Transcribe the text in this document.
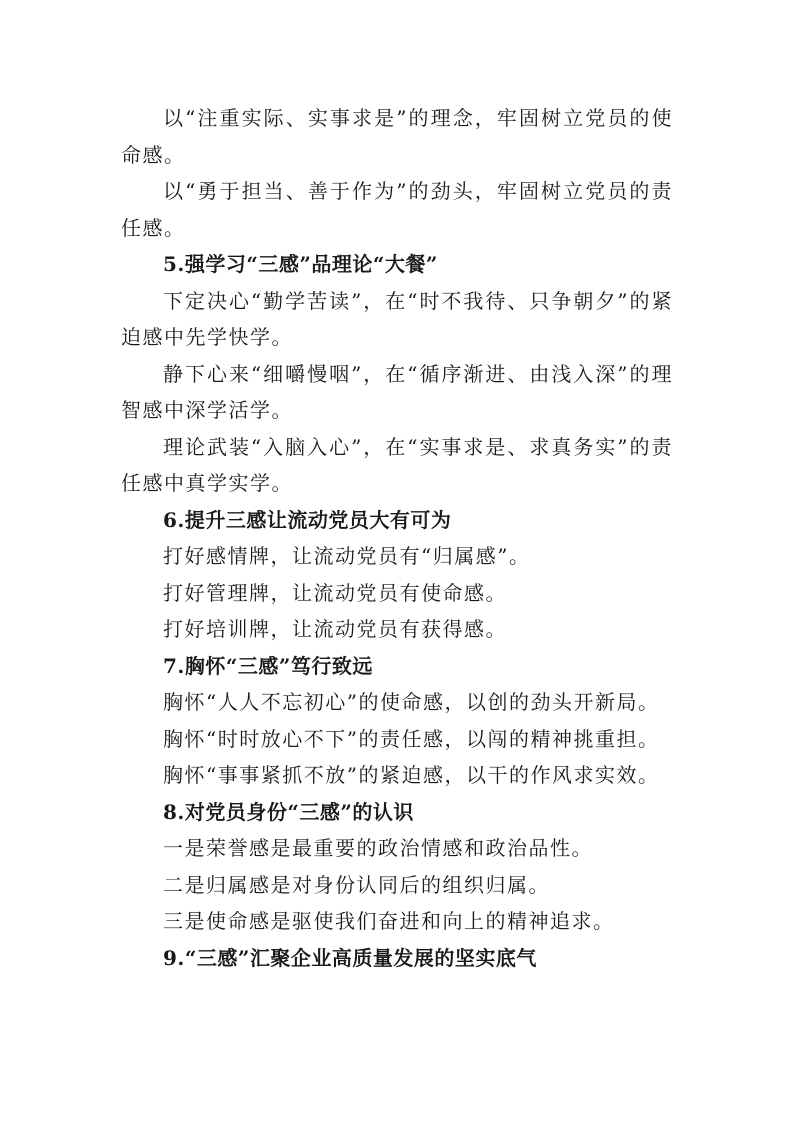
以“注重实际、实事求是”的理念，牢固树立党员的使命感。

以“勇于担当、善于作为”的劲头，牢固树立党员的责任感。

5.强学习“三感”品理论“大餐”

下定决心“勤学苦读”，在“时不我待、只争朝夕”的紧迫感中先学快学。

静下心来“细嚼慢咽”，在“循序渐进、由浅入深”的理智感中深学活学。

理论武装“入脑入心”，在“实事求是、求真务实”的责任感中真学实学。

6.提升三感让流动党员大有可为

打好感情牌，让流动党员有“归属感”。

打好管理牌，让流动党员有使命感。

打好培训牌，让流动党员有获得感。

7.胸怀“三感”笃行致远

胸怀“人人不忘初心”的使命感，以创的劲头开新局。

胸怀“时时放心不下”的责任感，以闯的精神挑重担。

胸怀“事事紧抓不放”的紧迫感，以干的作风求实效。

8.对党员身份“三感”的认识

一是荣誉感是最重要的政治情感和政治品性。

二是归属感是对身份认同后的组织归属。

三是使命感是驱使我们奋进和向上的精神追求。

9.“三感”汇聚企业高质量发展的坚实底气
